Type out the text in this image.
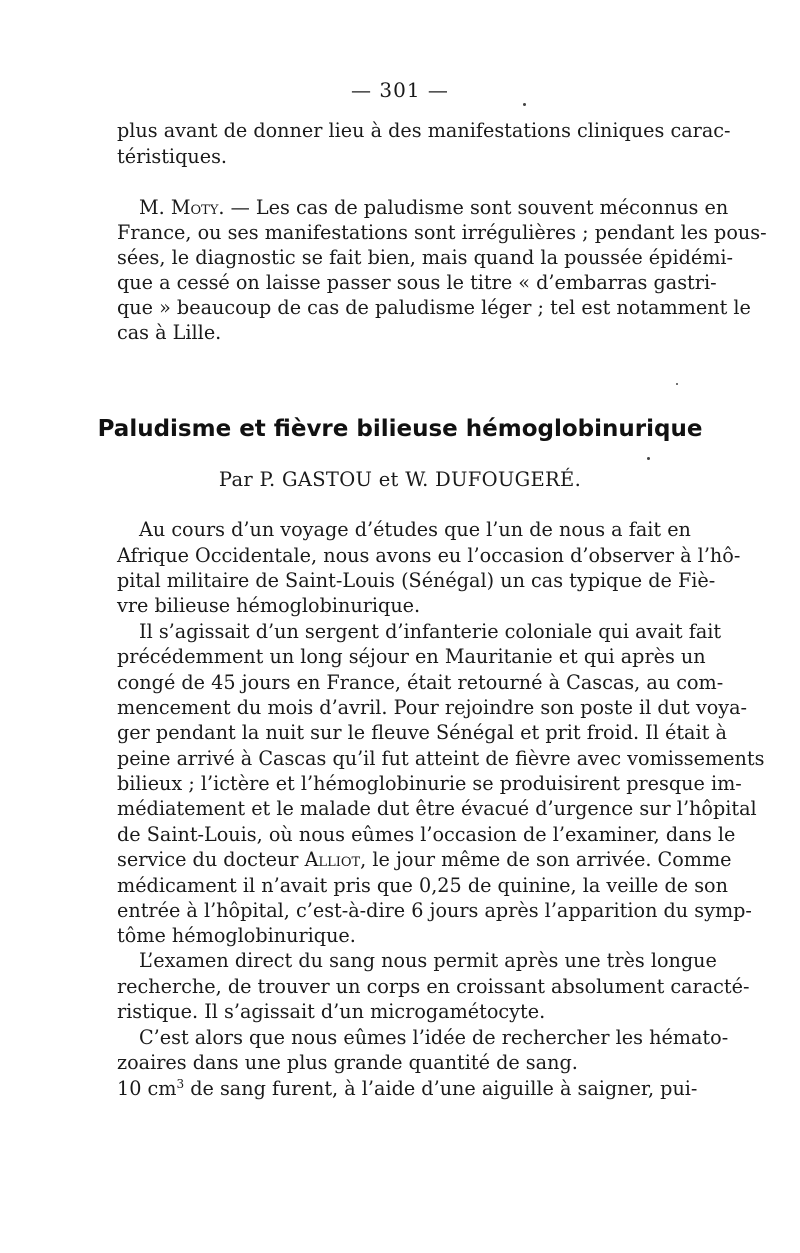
— 301 —
plus avant de donner lieu à des manifestations cliniques carac-
téristiques.
M. Moty. — Les cas de paludisme sont souvent méconnus en
France, ou ses manifestations sont irrégulières ; pendant les pous-
sées, le diagnostic se fait bien, mais quand la poussée épidémi-
que a cessé on laisse passer sous le titre « d’embarras gastri-
que » beaucoup de cas de paludisme léger ; tel est notamment le
cas à Lille.
Au cours d’un voyage d’études que l’un de nous a fait en
Afrique Occidentale, nous avons eu l’occasion d’observer à l’hô-
pital militaire de Saint-Louis (Sénégal) un cas typique de Fiè-
vre bilieuse hémoglobinurique.
Il s’agissait d’un sergent d’infanterie coloniale qui avait fait
précédemment un long séjour en Mauritanie et qui après un
congé de 45 jours en France, était retourné à Cascas, au com-
mencement du mois d’avril. Pour rejoindre son poste il dut voya-
ger pendant la nuit sur le fleuve Sénégal et prit froid. Il était à
peine arrivé à Cascas qu’il fut atteint de fièvre avec vomissements
bilieux ; l’ictère et l’hémoglobinurie se produisirent presque im-
médiatement et le malade dut être évacué d’urgence sur l’hôpital
de Saint-Louis, où nous eûmes l’occasion de l’examiner, dans le
service du docteur Alliot, le jour même de son arrivée. Comme
médicament il n’avait pris que 0,25 de quinine, la veille de son
entrée à l’hôpital, c’est-à-dire 6 jours après l’apparition du symp-
tôme hémoglobinurique.
L’examen direct du sang nous permit après une très longue
recherche, de trouver un corps en croissant absolument caracté-
ristique. Il s’agissait d’un microgamétocyte.
C’est alors que nous eûmes l’idée de rechercher les hémato-
zoaires dans une plus grande quantité de sang.
10 $cm^3$ de sang furent, à l’aide d’une aiguille à saigner, pui-
Paludisme et fièvre bilieuse hémoglobinurique
Par P. GASTOU et W. DUFOUGERÉ.
